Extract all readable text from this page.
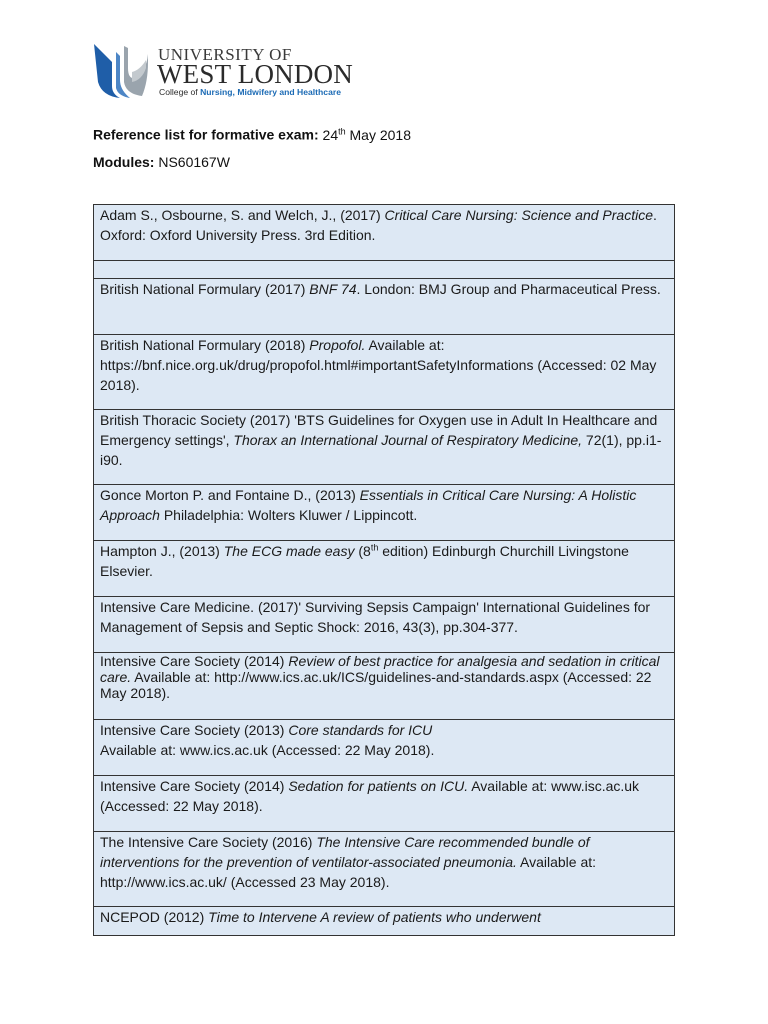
UNIVERSITY OF
WEST LONDON
College of Nursing, Midwifery and Healthcare
Reference list for formative exam: 24th May 2018
Modules: NS60167W
Adam S., Osbourne, S. and Welch, J., (2017) Critical Care Nursing: Science and Practice. Oxford: Oxford University Press. 3rd Edition.

British National Formulary (2017) BNF 74. London: BMJ Group and Pharmaceutical Press.
British National Formulary (2018) Propofol. Available at: https://bnf.nice.org.uk/drug/propofol.html#importantSafetyInformations (Accessed: 02 May 2018).
British Thoracic Society (2017) 'BTS Guidelines for Oxygen use in Adult In Healthcare and Emergency settings', Thorax an International Journal of Respiratory Medicine, 72(1), pp.i1-i90.
Gonce Morton P. and Fontaine D., (2013) Essentials in Critical Care Nursing: A Holistic Approach Philadelphia: Wolters Kluwer / Lippincott.
Hampton J., (2013) The ECG made easy (8th edition) Edinburgh Churchill Livingstone Elsevier.
Intensive Care Medicine. (2017)' Surviving Sepsis Campaign' International Guidelines for Management of Sepsis and Septic Shock: 2016, 43(3), pp.304-377.
Intensive Care Society (2014) Review of best practice for analgesia and sedation in critical care. Available at: http://www.ics.ac.uk/ICS/guidelines-and-standards.aspx (Accessed: 22 May 2018).
Intensive Care Society (2013) Core standards for ICU
Available at: www.ics.ac.uk (Accessed: 22 May 2018).
Intensive Care Society (2014) Sedation for patients on ICU. Available at: www.isc.ac.uk (Accessed: 22 May 2018).
The Intensive Care Society (2016) The Intensive Care recommended bundle of interventions for the prevention of ventilator-associated pneumonia. Available at: http://www.ics.ac.uk/ (Accessed 23 May 2018).
NCEPOD (2012) Time to Intervene A review of patients who underwent
